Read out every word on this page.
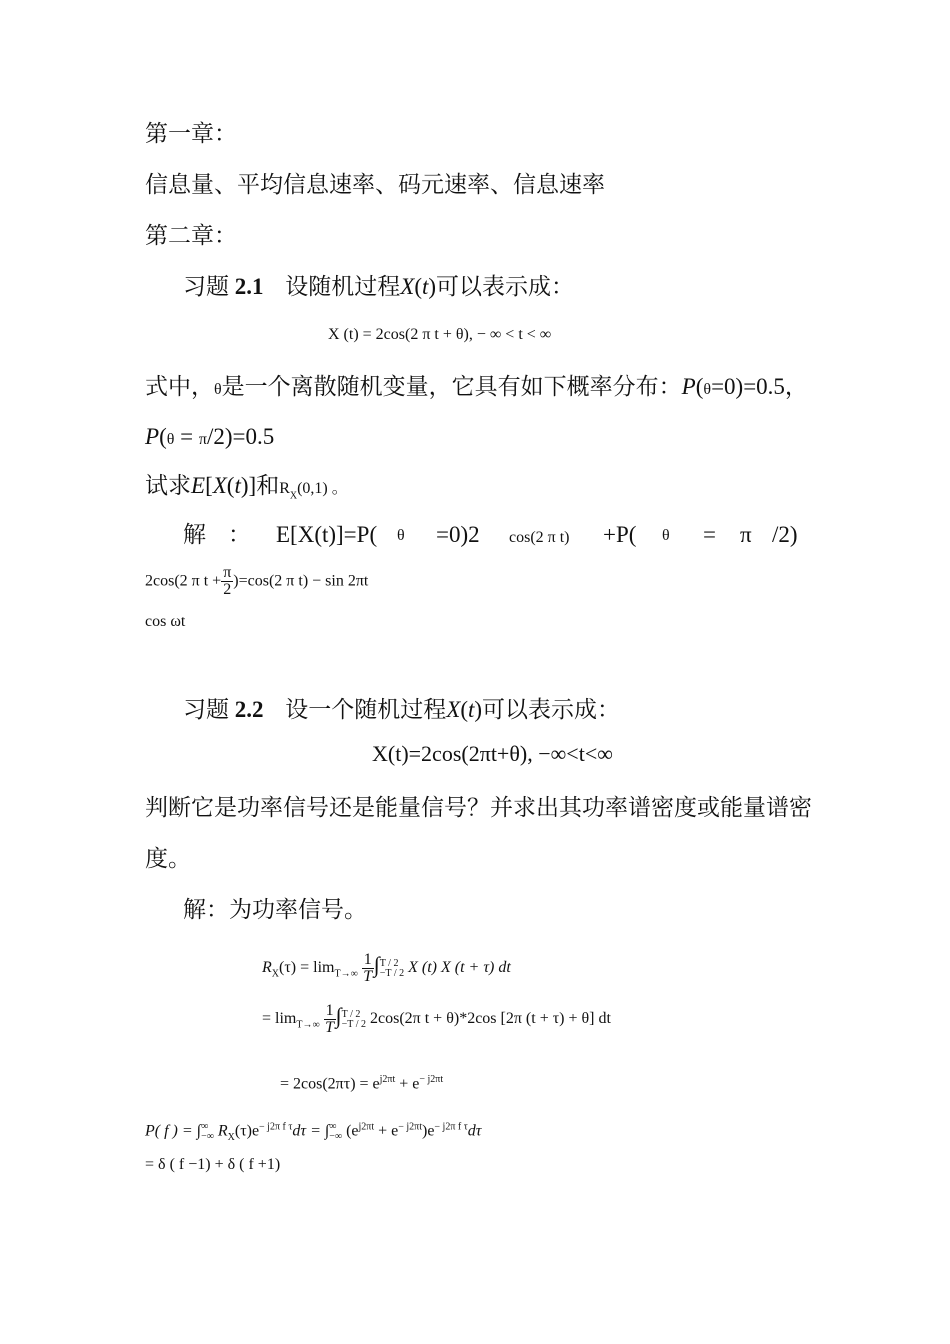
第一章：
信息量、平均信息速率、码元速率、信息速率
第二章：
习题 2.1 设随机过程X(t)可以表示成：
X (t) = 2cos(2 π t + θ), − ∞ < t < ∞
式中，θ是一个离散随机变量，它具有如下概率分布：P(θ=0)=0.5，
P(θ = π/2)=0.5
试求E[X(t)]和$R_X(0,1)$ 。
解 ： E[X(t)]=P( θ =0)2 cos(2 π t) +P( θ = π /2)
2cos(2 π $t + \frac{\pi}{2} )=\cos(2$ π t) − sin 2πt
cos ωt
习题 2.2 设一个随机过程X(t)可以表示成：
X(t)=2cos(2πt+θ), −∞<t<∞
判断它是功率信号还是能量信号？并求出其功率谱密度或能量谱密
度。
解：为功率信号。
$R_X(\tau) = \lim_{T\to\infty} \frac{1}{T}$ ∫ T / 2
−T / 2 X (t) X (t + τ) dt
= $\lim_{T\to\infty} \frac{1}{T}$ ∫ T / 2
−T / 2 2cos(2π t + θ)*2cos [2π (t + τ) + θ] dt
= $2\cos(2\pi\tau) = e^{j2\pi t} + e^{- j2\pi t}$
P( f ) = ∫ ∞
−∞ $R_X(\tau)e^{- j2\pi f \tau}d\tau$ = ∫ ∞
−∞ $(e^{j2\pi t} + e^{- j2\pi t})e^{- j2\pi f \tau}d\tau$
= δ ( f −1) + δ ( f +1)
